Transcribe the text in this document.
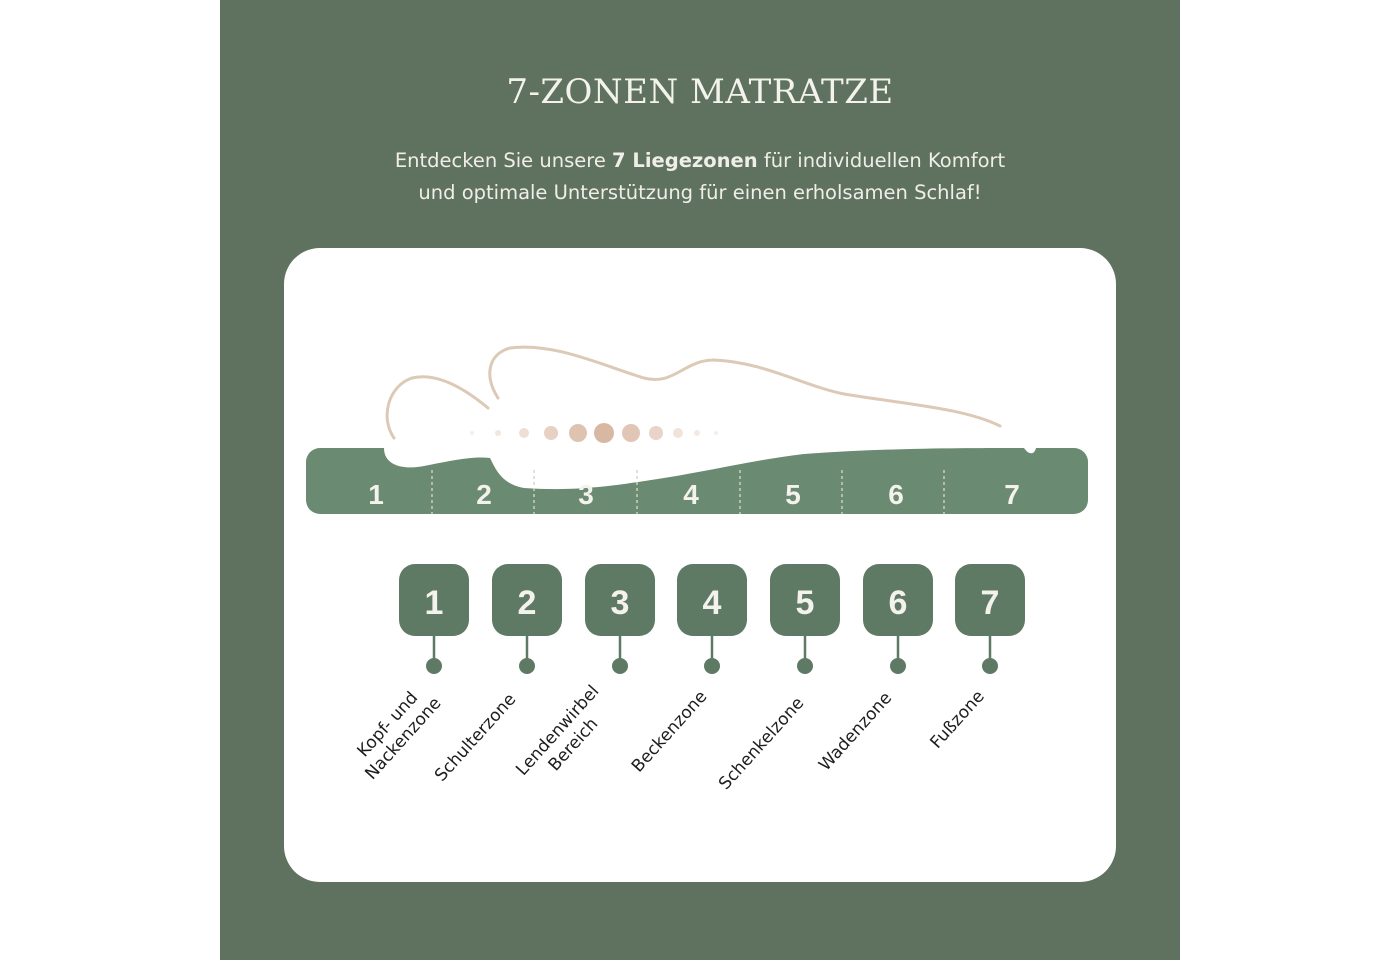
7-ZONEN MATRATZE
Entdecken Sie unsere 7 Liegezonen für individuellen Komfort
und optimale Unterstützung für einen erholsamen Schlaf!
1	2	3	4	5	6	7
1 2 3 4 5 6 7
Kopf- und
Nackenzone
Schulterzone
Lendenwirbel
Bereich	Beckenzone Schenkelzone Wadenzone Fußzone
